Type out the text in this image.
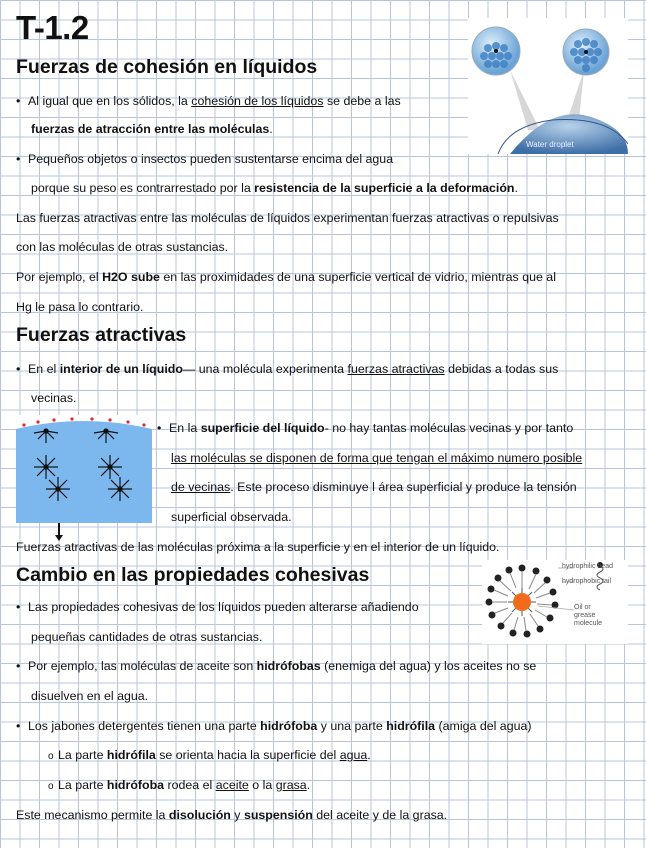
T-1.2
Fuerzas de cohesión en líquidos
• Al igual que en los sólidos, la cohesión de los líquidos se debe a las
fuerzas de atracción entre las moléculas.
• Pequeños objetos o insectos pueden sustentarse encima del agua
porque su peso es contrarrestado por la resistencia de la superficie a la deformación.
Las fuerzas atractivas entre las moléculas de líquidos experimentan fuerzas atractivas o repulsivas
con las moléculas de otras sustancias.
Por ejemplo, el H2O sube en las proximidades de una superficie vertical de vidrio, mientras que al
Hg le pasa lo contrario.
Water droplet
Fuerzas atractivas
• En el interior de un líquido— una molécula experimenta fuerzas atractivas debidas a todas sus
vecinas.
• En la superficie del líquido- no hay tantas moléculas vecinas y por tanto
las moléculas se disponen de forma que tengan el máximo numero posible
de vecinas. Este proceso disminuye l área superficial y produce la tensión
superficial observada.
Fuerzas atractivas de las moléculas próxima a la superficie y en el interior de un líquido.
Cambio en las propiedades cohesivas	hydrophilic head
hydrophobic tail
Oil or
grease
molecule
• Las propiedades cohesivas de los líquidos pueden alterarse añadiendo
pequeñas cantidades de otras sustancias.
• Por ejemplo, las moléculas de aceite son hidrófobas (enemiga del agua) y los aceites no se
disuelven en el agua.
• Los jabones detergentes tienen una parte hidrófoba y una parte hidrófila (amiga del agua)
o La parte hidrófila se orienta hacia la superficie del agua.
o La parte hidrófoba rodea el aceite o la grasa.
Este mecanismo permite la disolución y suspensión del aceite y de la grasa.
